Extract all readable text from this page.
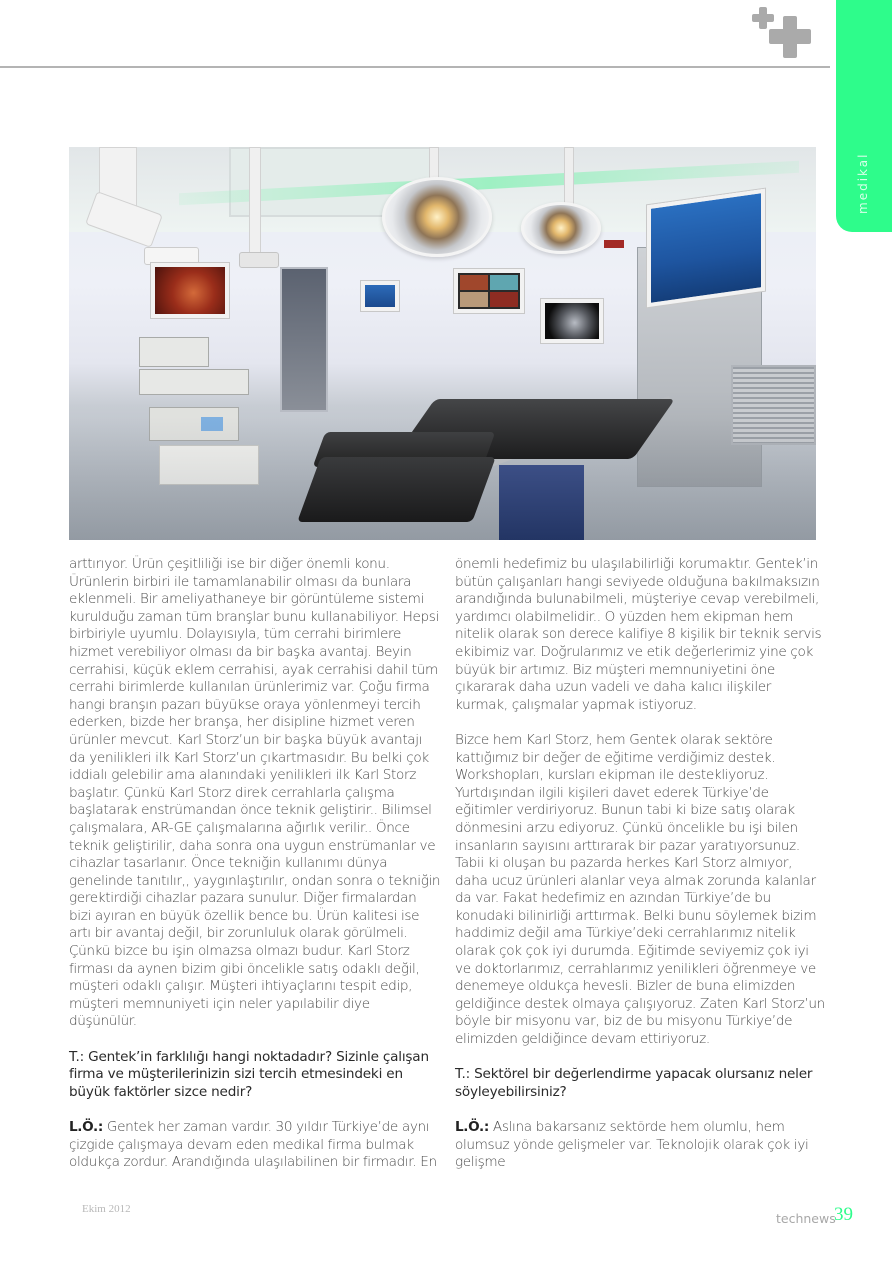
medikal

arttırıyor. Ürün çeşitliliği ise bir diğer önemli konu. Ürünlerin birbiri ile tamamlanabilir olması da bunlara eklenmeli. Bir ameliyathaneye bir görüntüleme sistemi kurulduğu zaman tüm branşlar bunu kullanabiliyor. Hepsi birbiriyle uyumlu. Dolayısıyla, tüm cerrahi birimlere hizmet verebiliyor olması da bir başka avantaj. Beyin cerrahisi, küçük eklem cerrahisi, ayak cerrahisi dahil tüm cerrahi birimlerde kullanılan ürünlerimiz var. Çoğu firma hangi branşın pazarı büyükse oraya yönlenmeyi tercih ederken, bizde her branşa, her disipline hizmet veren ürünler mevcut. Karl Storz’un bir başka büyük avantajı da yenilikleri ilk Karl Storz’un çıkartmasıdır. Bu belki çok iddialı gelebilir ama alanındaki yenilikleri ilk Karl Storz başlatır. Çünkü Karl Storz direk cerrahlarla çalışma başlatarak enstrümandan önce teknik geliştirir.. Bilimsel çalışmalara, AR-GE çalışmalarına ağırlık verilir.. Önce teknik geliştirilir, daha sonra ona uygun enstrümanlar ve cihazlar tasarlanır. Önce tekniğin kullanımı dünya genelinde tanıtılır,, yaygınlaştırılır, ondan sonra o tekniğin gerektirdiği cihazlar pazara sunulur. Diğer firmalardan bizi ayıran en büyük özellik bence bu. Ürün kalitesi ise artı bir avantaj değil, bir zorunluluk olarak görülmeli. Çünkü bizce bu işin olmazsa olmazı budur. Karl Storz firması da aynen bizim gibi öncelikle satış odaklı değil, müşteri odaklı çalışır. Müşteri ihtiyaçlarını tespit edip, müşteri memnuniyeti için neler yapılabilir diye düşünülür.

T.: Gentek’in farklılığı hangi noktadadır? Sizinle çalışan firma ve müşterilerinizin sizi tercih etmesindeki en büyük faktörler sizce nedir?

L.Ö.: Gentek her zaman vardır. 30 yıldır Türkiye’de aynı çizgide çalışmaya devam eden medikal firma bulmak oldukça zordur. Arandığında ulaşılabilinen bir firmadır. En

önemli hedefimiz bu ulaşılabilirliği korumaktır. Gentek’in bütün çalışanları hangi seviyede olduğuna bakılmaksızın arandığında bulunabilmeli, müşteriye cevap verebilmeli, yardımcı olabilmelidir.. O yüzden hem ekipman hem nitelik olarak son derece kalifiye 8 kişilik bir teknik servis ekibimiz var. Doğrularımız ve etik değerlerimiz yine çok büyük bir artımız. Biz müşteri memnuniyetini öne çıkararak daha uzun vadeli ve daha kalıcı ilişkiler kurmak, çalışmalar yapmak istiyoruz.

Bizce hem Karl Storz, hem Gentek olarak sektöre kattığımız bir değer de eğitime verdiğimiz destek. Workshopları, kursları ekipman ile destekliyoruz. Yurtdışından ilgili kişileri davet ederek Türkiye’de eğitimler verdiriyoruz. Bunun tabi ki bize satış olarak dönmesini arzu ediyoruz. Çünkü öncelikle bu işi bilen insanların sayısını arttırarak bir pazar yaratıyorsunuz. Tabii ki oluşan bu pazarda herkes Karl Storz almıyor, daha ucuz ürünleri alanlar veya almak zorunda kalanlar da var. Fakat hedefimiz en azından Türkiye’de bu konudaki bilinirliği arttırmak. Belki bunu söylemek bizim haddimiz değil ama Türkiye’deki cerrahlarımız nitelik olarak çok çok iyi durumda. Eğitimde seviyemiz çok iyi ve doktorlarımız, cerrahlarımız yenilikleri öğrenmeye ve denemeye oldukça hevesli. Bizler de buna elimizden geldiğince destek olmaya çalışıyoruz. Zaten Karl Storz’un böyle bir misyonu var, biz de bu misyonu Türkiye’de elimizden geldiğince devam ettiriyoruz.

T.: Sektörel bir değerlendirme yapacak olursanız neler söyleyebilirsiniz?

L.Ö.: Aslına bakarsanız sektörde hem olumlu, hem olumsuz yönde gelişmeler var. Teknolojik olarak çok iyi gelişme

Ekim 2012
technews
39
